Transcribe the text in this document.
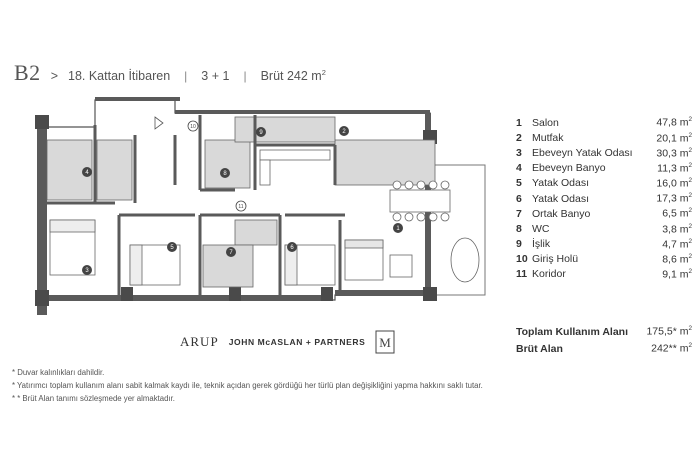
B2 > 18. Kattan İtibaren | 3 + 1 | Brüt 242 $m^2$
1
2
3
4
5	6
7
8
9
10
11
1 Salon	47,8 $m^2$
2 Mutfak	20,1 $m^2$
3 Ebeveyn Yatak Odası	30,3 $m^2$
4 Ebeveyn Banyo	11,3 $m^2$
5 Yatak Odası	16,0 $m^2$
6 Yatak Odası	17,3 $m^2$
7 Ortak Banyo	6,5 $m^2$
8 WC	3,8 $m^2$
9 İşlik	4,7 $m^2$
10 Giriş Holü	8,6 $m^2$
11 Koridor	9,1 $m^2$
Toplam Kullanım Alanı	175,5* $m^2$
Brüt Alan	242** $m^2$
ARUP JOHN McASLAN + PARTNERS M
* Duvar kalınlıkları dahildir.
* Yatırımcı toplam kullanım alanı sabit kalmak kaydı ile, teknik açıdan gerek gördüğü her türlü plan değişikliğini yapma hakkını saklı tutar.
* * Brüt Alan tanımı sözleşmede yer almaktadır.
